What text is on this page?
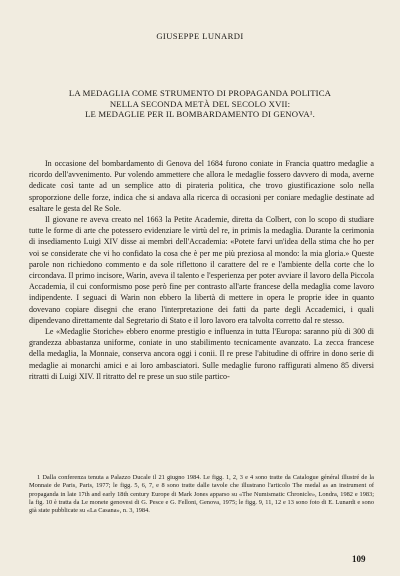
GIUSEPPE LUNARDI
LA MEDAGLIA COME STRUMENTO DI PROPAGANDA POLITICA
NELLA SECONDA METÀ DEL SECOLO XVII:
LE MEDAGLIE PER IL BOMBARDAMENTO DI GENOVA¹.

In occasione del bombardamento di Genova del 1684 furono coniate in Francia quattro medaglie a ricordo dell'avvenimento. Pur volendo ammettere che allora le medaglie fossero davvero di moda, averne dedicate così tante ad un semplice atto di pirateria politica, che trovo giustificazione solo nella sproporzione delle forze, indica che si andava alla ricerca di occasioni per coniare medaglie destinate ad esaltare le gesta del Re Sole.

Il giovane re aveva creato nel 1663 la Petite Academie, diretta da Colbert, con lo scopo di studiare tutte le forme di arte che potessero evidenziare le virtù del re, in primis la medaglia. Durante la cerimonia di insediamento Luigi XIV disse ai membri dell'Accademia: «Potete farvi un'idea della stima che ho per voi se considerate che vi ho confidato la cosa che è per me più preziosa al mondo: la mia gloria.» Queste parole non richiedono commento e da sole riflettono il carattere del re e l'ambiente della corte che lo circondava. Il primo incisore, Warin, aveva il talento e l'esperienza per poter avviare il lavoro della Piccola Accademia, il cui conformismo pose però fine per contrasto all'arte francese della medaglia come lavoro indipendente. I seguaci di Warin non ebbero la libertà di mettere in opera le proprie idee in quanto dovevano copiare disegni che erano l'interpretazione dei fatti da parte degli Accademici, i quali dipendevano direttamente dal Segretario di Stato e il loro lavoro era talvolta corretto dal re stesso.

Le «Medaglie Storiche» ebbero enorme prestigio e influenza in tutta l'Europa: saranno più di 300 di grandezza abbastanza uniforme, coniate in uno stabilimento tecnicamente avanzato. La zecca francese della medaglia, la Monnaie, conserva ancora oggi i conii. Il re prese l'abitudine di offrire in dono serie di medaglie ai monarchi amici e ai loro ambasciatori. Sulle medaglie furono raffigurati almeno 85 diversi ritratti di Luigi XIV. Il ritratto del re prese un suo stile partico-

1 Dalla conferenza tenuta a Palazzo Ducale il 21 giugno 1984. Le figg. 1, 2, 3 e 4 sono tratte da Catalogue général illustré de la Monnaie de Paris, Paris, 1977; le figg. 5, 6, 7, e 8 sono tratte dalle tavole che illustrano l'articolo The medal as an instrument of propaganda in late 17th and early 18th century Europe di Mark Jones apparso su «The Numismatic Chronicle», Londra, 1982 e 1983; la fig. 10 è tratta da Le monete genovesi di G. Pesce e G. Felloni, Genova, 1975; le figg. 9, 11, 12 e 13 sono foto di E. Lunardi e sono già state pubblicate su «La Casana», n. 3, 1984.

109
